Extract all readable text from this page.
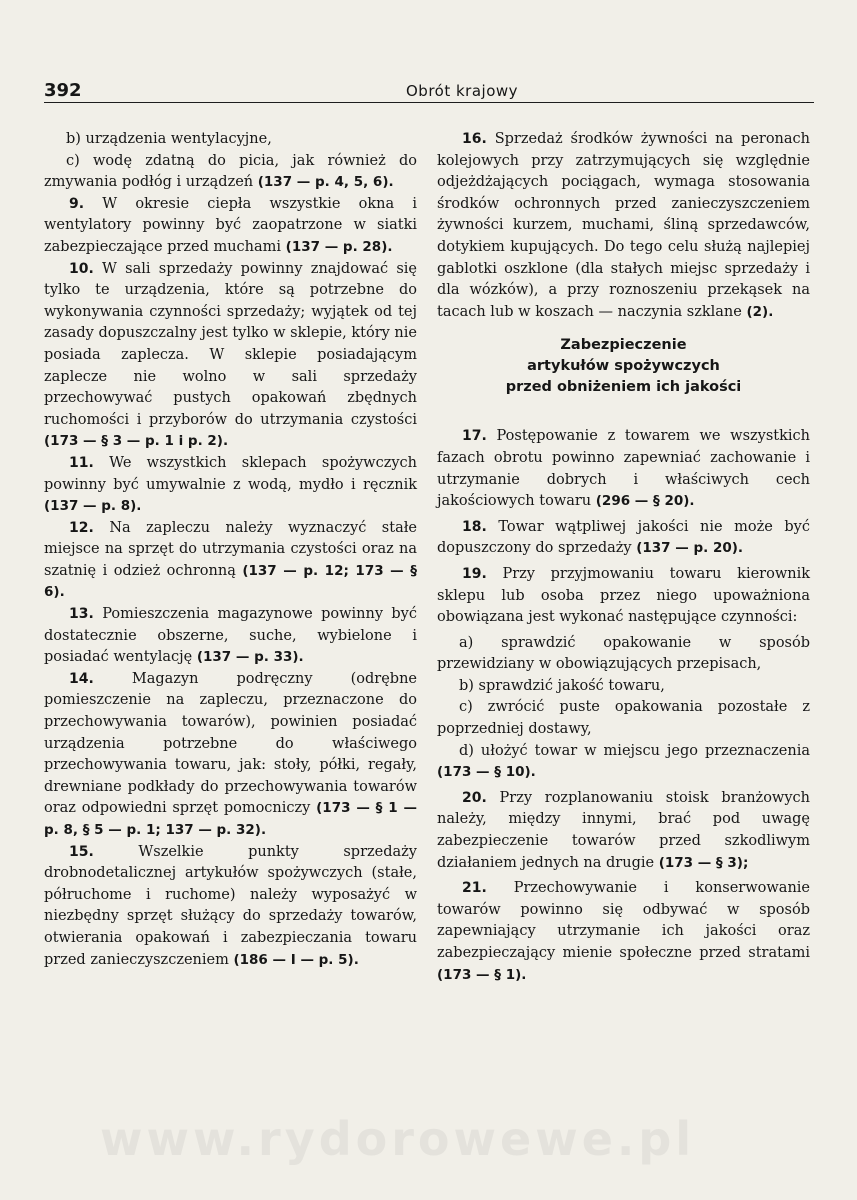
392	Obrót krajowy

b) urządzenia wentylacyjne,

c) wodę zdatną do picia, jak również do zmywania podłóg i urządzeń (137 — p. 4, 5, 6).

9. W okresie ciepła wszystkie okna i wentylatory powinny być zaopatrzone w siatki zabezpieczające przed muchami (137 — p. 28).

10. W sali sprzedaży powinny znajdować się tylko te urządzenia, które są potrzebne do wykonywania czynności sprzedaży; wyjątek od tej zasady dopuszczalny jest tylko w sklepie, który nie posiada zaplecza. W sklepie posiadającym zaplecze nie wolno w sali sprzedaży przechowywać pustych opakowań zbędnych ruchomości i przyborów do utrzymania czystości (173 — § 3 — p. 1 i p. 2).

11. We wszystkich sklepach spożywczych powinny być umywalnie z wodą, mydło i ręcznik (137 — p. 8).

12. Na zapleczu należy wyznaczyć stałe miejsce na sprzęt do utrzymania czystości oraz na szatnię i odzież ochronną (137 — p. 12; 173 — § 6).

13. Pomieszczenia magazynowe powinny być dostatecznie obszerne, suche, wybielone i posiadać wentylację (137 — p. 33).

14.	Magazyn podręczny (odrębne pomieszczenie na zapleczu, przeznaczone do przechowywania towarów), powinien posiadać urządzenia potrzebne do właściwego przechowywania towaru, jak: stoły, półki, regały, drewniane podkłady do przechowywania towarów oraz odpowiedni sprzęt pomocniczy (173 — § 1 — p. 8, § 5 — p. 1; 137 — p. 32).

15.	Wszelkie punkty sprzedaży drobnodetalicznej artykułów spożywczych (stałe, półruchome i ruchome) należy wyposażyć w niezbędny sprzęt służący do sprzedaży towarów, otwierania opakowań i zabezpieczania towaru przed zanieczyszczeniem (186 — I — p. 5).

16. Sprzedaż środków żywności na peronach kolejowych przy zatrzymujących się względnie odjeżdżających pociągach, wymaga stosowania środków ochronnych przed zanieczyszczeniem żywności kurzem, muchami, śliną sprzedawców, dotykiem kupujących. Do tego celu służą najlepiej gablotki oszklone (dla stałych miejsc sprzedaży i dla wózków), a przy roznoszeniu przekąsek na tacach lub w koszach — naczynia szklane (2).

Zabezpieczenie
artykułów spożywczych
przed obniżeniem ich jakości

17. Postępowanie z towarem we wszystkich fazach obrotu powinno zapewniać zachowanie i utrzymanie dobrych i właściwych cech jakościowych towaru (296 — § 20).

18. Towar wątpliwej jakości nie może być dopuszczony do sprzedaży (137 — p. 20).

19. Przy przyjmowaniu towaru kierownik sklepu lub osoba przez niego upoważniona obowiązana jest wykonać następujące czynności:

a) sprawdzić opakowanie w sposób przewidziany w obowiązujących przepisach,

b) sprawdzić jakość towaru,

c) zwrócić puste opakowania pozostałe z poprzedniej dostawy,

d) ułożyć towar w miejscu jego przeznaczenia (173 — § 10).

20. Przy rozplanowaniu stoisk branżowych należy, między innymi, brać pod uwagę zabezpieczenie towarów przed szkodliwym działaniem jednych na drugie (173 — § 3);

21. Przechowywanie i konserwowanie towarów powinno się odbywać w sposób zapewniający utrzymanie ich jakości oraz zabezpieczający mienie społeczne przed stratami (173 — § 1).

www.rydorowewe.pl
